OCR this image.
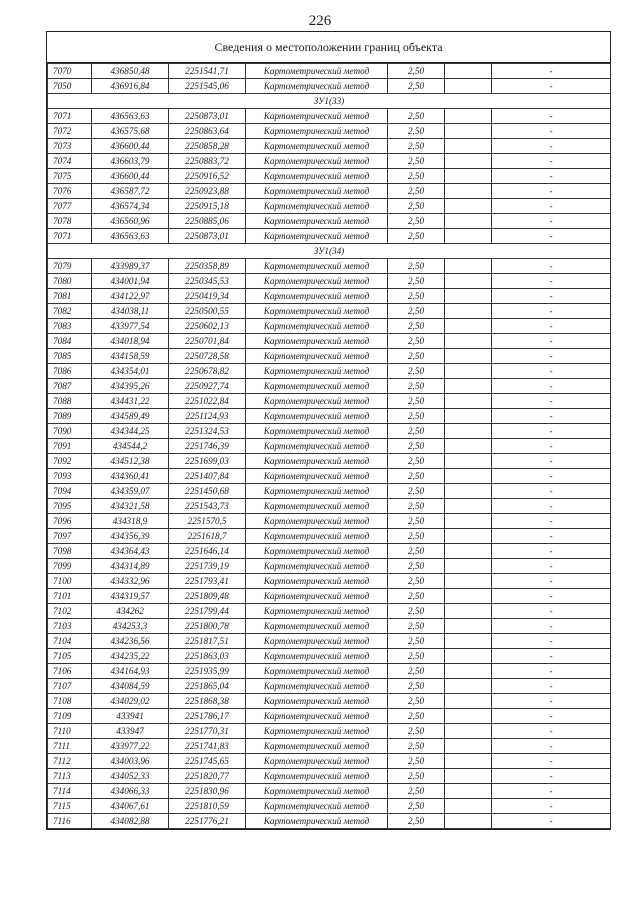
226
Сведения о местоположении границ объекта
7070	436850,48	2251541,71	Картометрический метод	2,50		-
7050	436916,84	2251545,06	Картометрический метод	2,50		-
ЗУ1(33)						
7071	436563,63	2250873,01	Картометрический метод	2,50		-
7072	436575,68	2250863,64	Картометрический метод	2,50		-
7073	436600,44	2250858,28	Картометрический метод	2,50		-
7074	436603,79	2250883,72	Картометрический метод	2,50		-
7075	436600,44	2250916,52	Картометрический метод	2,50		-
7076	436587,72	2250923,88	Картометрический метод	2,50		-
7077	436574,34	2250915,18	Картометрический метод	2,50		-
7078	436560,96	2250885,06	Картометрический метод	2,50		-
7071	436563,63	2250873,01	Картометрический метод	2,50		-
ЗУ1(34)						
7079	433989,37	2250358,89	Картометрический метод	2,50		-
7080	434001,94	2250345,53	Картометрический метод	2,50		-
7081	434122,97	2250419,34	Картометрический метод	2,50		-
7082	434038,11	2250500,55	Картометрический метод	2,50		-
7083	433977,54	2250602,13	Картометрический метод	2,50		-
7084	434018,94	2250701,84	Картометрический метод	2,50		-
7085	434158,59	2250728,58	Картометрический метод	2,50		-
7086	434354,01	2250678,82	Картометрический метод	2,50		-
7087	434395,26	2250927,74	Картометрический метод	2,50		-
7088	434431,22	2251022,84	Картометрический метод	2,50		-
7089	434589,49	2251124,93	Картометрический метод	2,50		-
7090	434344,25	2251324,53	Картометрический метод	2,50		-
7091	434544,2	2251746,39	Картометрический метод	2,50		-
7092	434512,38	2251699,03	Картометрический метод	2,50		-
7093	434360,41	2251407,84	Картометрический метод	2,50		-
7094	434359,07	2251450,68	Картометрический метод	2,50		-
7095	434321,58	2251543,73	Картометрический метод	2,50		-
7096	434318,9	2251570,5	Картометрический метод	2,50		-
7097	434356,39	2251618,7	Картометрический метод	2,50		-
7098	434364,43	2251646,14	Картометрический метод	2,50		-
7099	434314,89	2251739,19	Картометрический метод	2,50		-
7100	434332,96	2251793,41	Картометрический метод	2,50		-
7101	434319,57	2251809,48	Картометрический метод	2,50		-
7102	434262	2251799,44	Картометрический метод	2,50		-
7103	434253,3	2251800,78	Картометрический метод	2,50		-
7104	434236,56	2251817,51	Картометрический метод	2,50		-
7105	434235,22	2251863,03	Картометрический метод	2,50		-
7106	434164,93	2251935,99	Картометрический метод	2,50		-
7107	434084,59	2251865,04	Картометрический метод	2,50		-
7108	434029,02	2251868,38	Картометрический метод	2,50		-
7109	433941	2251786,17	Картометрический метод	2,50		-
7110	433947	2251770,31	Картометрический метод	2,50		-
7111	433977,22	2251741,83	Картометрический метод	2,50		-
7112	434003,96	2251745,65	Картометрический метод	2,50		-
7113	434052,33	2251820,77	Картометрический метод	2,50		-
7114	434066,33	2251830,96	Картометрический метод	2,50		-
7115	434067,61	2251810,59	Картометрический метод	2,50		-
7116	434082,88	2251776,21	Картометрический метод	2,50		-
